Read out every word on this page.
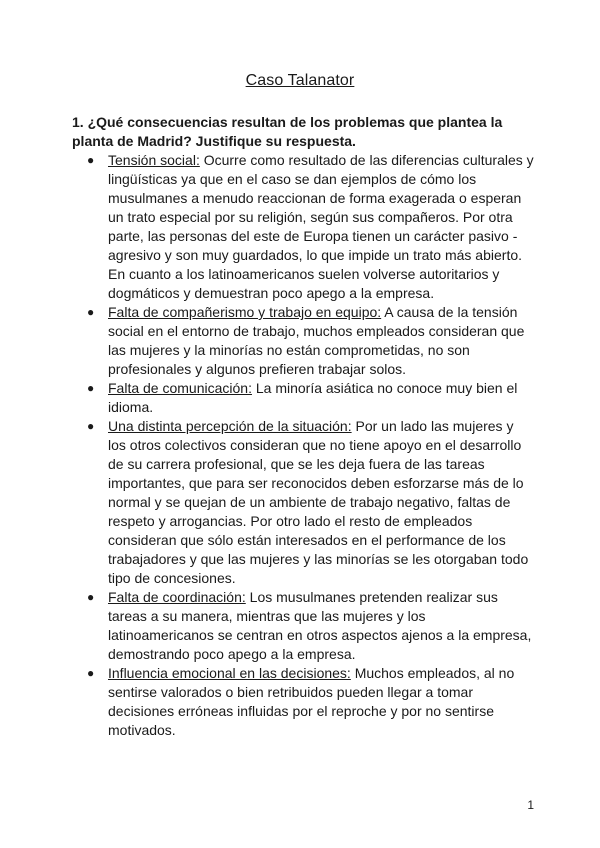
Caso Talanator
1. ¿Qué consecuencias resultan de los problemas que plantea la planta de Madrid? Justifique su respuesta.
● Tensión social: Ocurre como resultado de las diferencias culturales y lingüísticas ya que en el caso se dan ejemplos de cómo los musulmanes a menudo reaccionan de forma exagerada o esperan un trato especial por su religión, según sus compañeros. Por otra parte, las personas del este de Europa tienen un carácter pasivo -agresivo y son muy guardados, lo que impide un trato más abierto. En cuanto a los latinoamericanos suelen volverse autoritarios y dogmáticos y demuestran poco apego a la empresa.
● Falta de compañerismo y trabajo en equipo: A causa de la tensión social en el entorno de trabajo, muchos empleados consideran que las mujeres y la minorías no están comprometidas, no son profesionales y algunos prefieren trabajar solos.
● Falta de comunicación: La minoría asiática no conoce muy bien el idioma.
● Una distinta percepción de la situación: Por un lado las mujeres y los otros colectivos consideran que no tiene apoyo en el desarrollo de su carrera profesional, que se les deja fuera de las tareas importantes, que para ser reconocidos deben esforzarse más de lo normal y se quejan de un ambiente de trabajo negativo, faltas de respeto y arrogancias. Por otro lado el resto de empleados consideran que sólo están interesados en el performance de los trabajadores y que las mujeres y las minorías se les otorgaban todo tipo de concesiones.
● Falta de coordinación: Los musulmanes pretenden realizar sus tareas a su manera, mientras que las mujeres y los latinoamericanos se centran en otros aspectos ajenos a la empresa, demostrando poco apego a la empresa.
● Influencia emocional en las decisiones: Muchos empleados, al no sentirse valorados o bien retribuidos pueden llegar a tomar decisiones erróneas influidas por el reproche y por no sentirse motivados.
1
